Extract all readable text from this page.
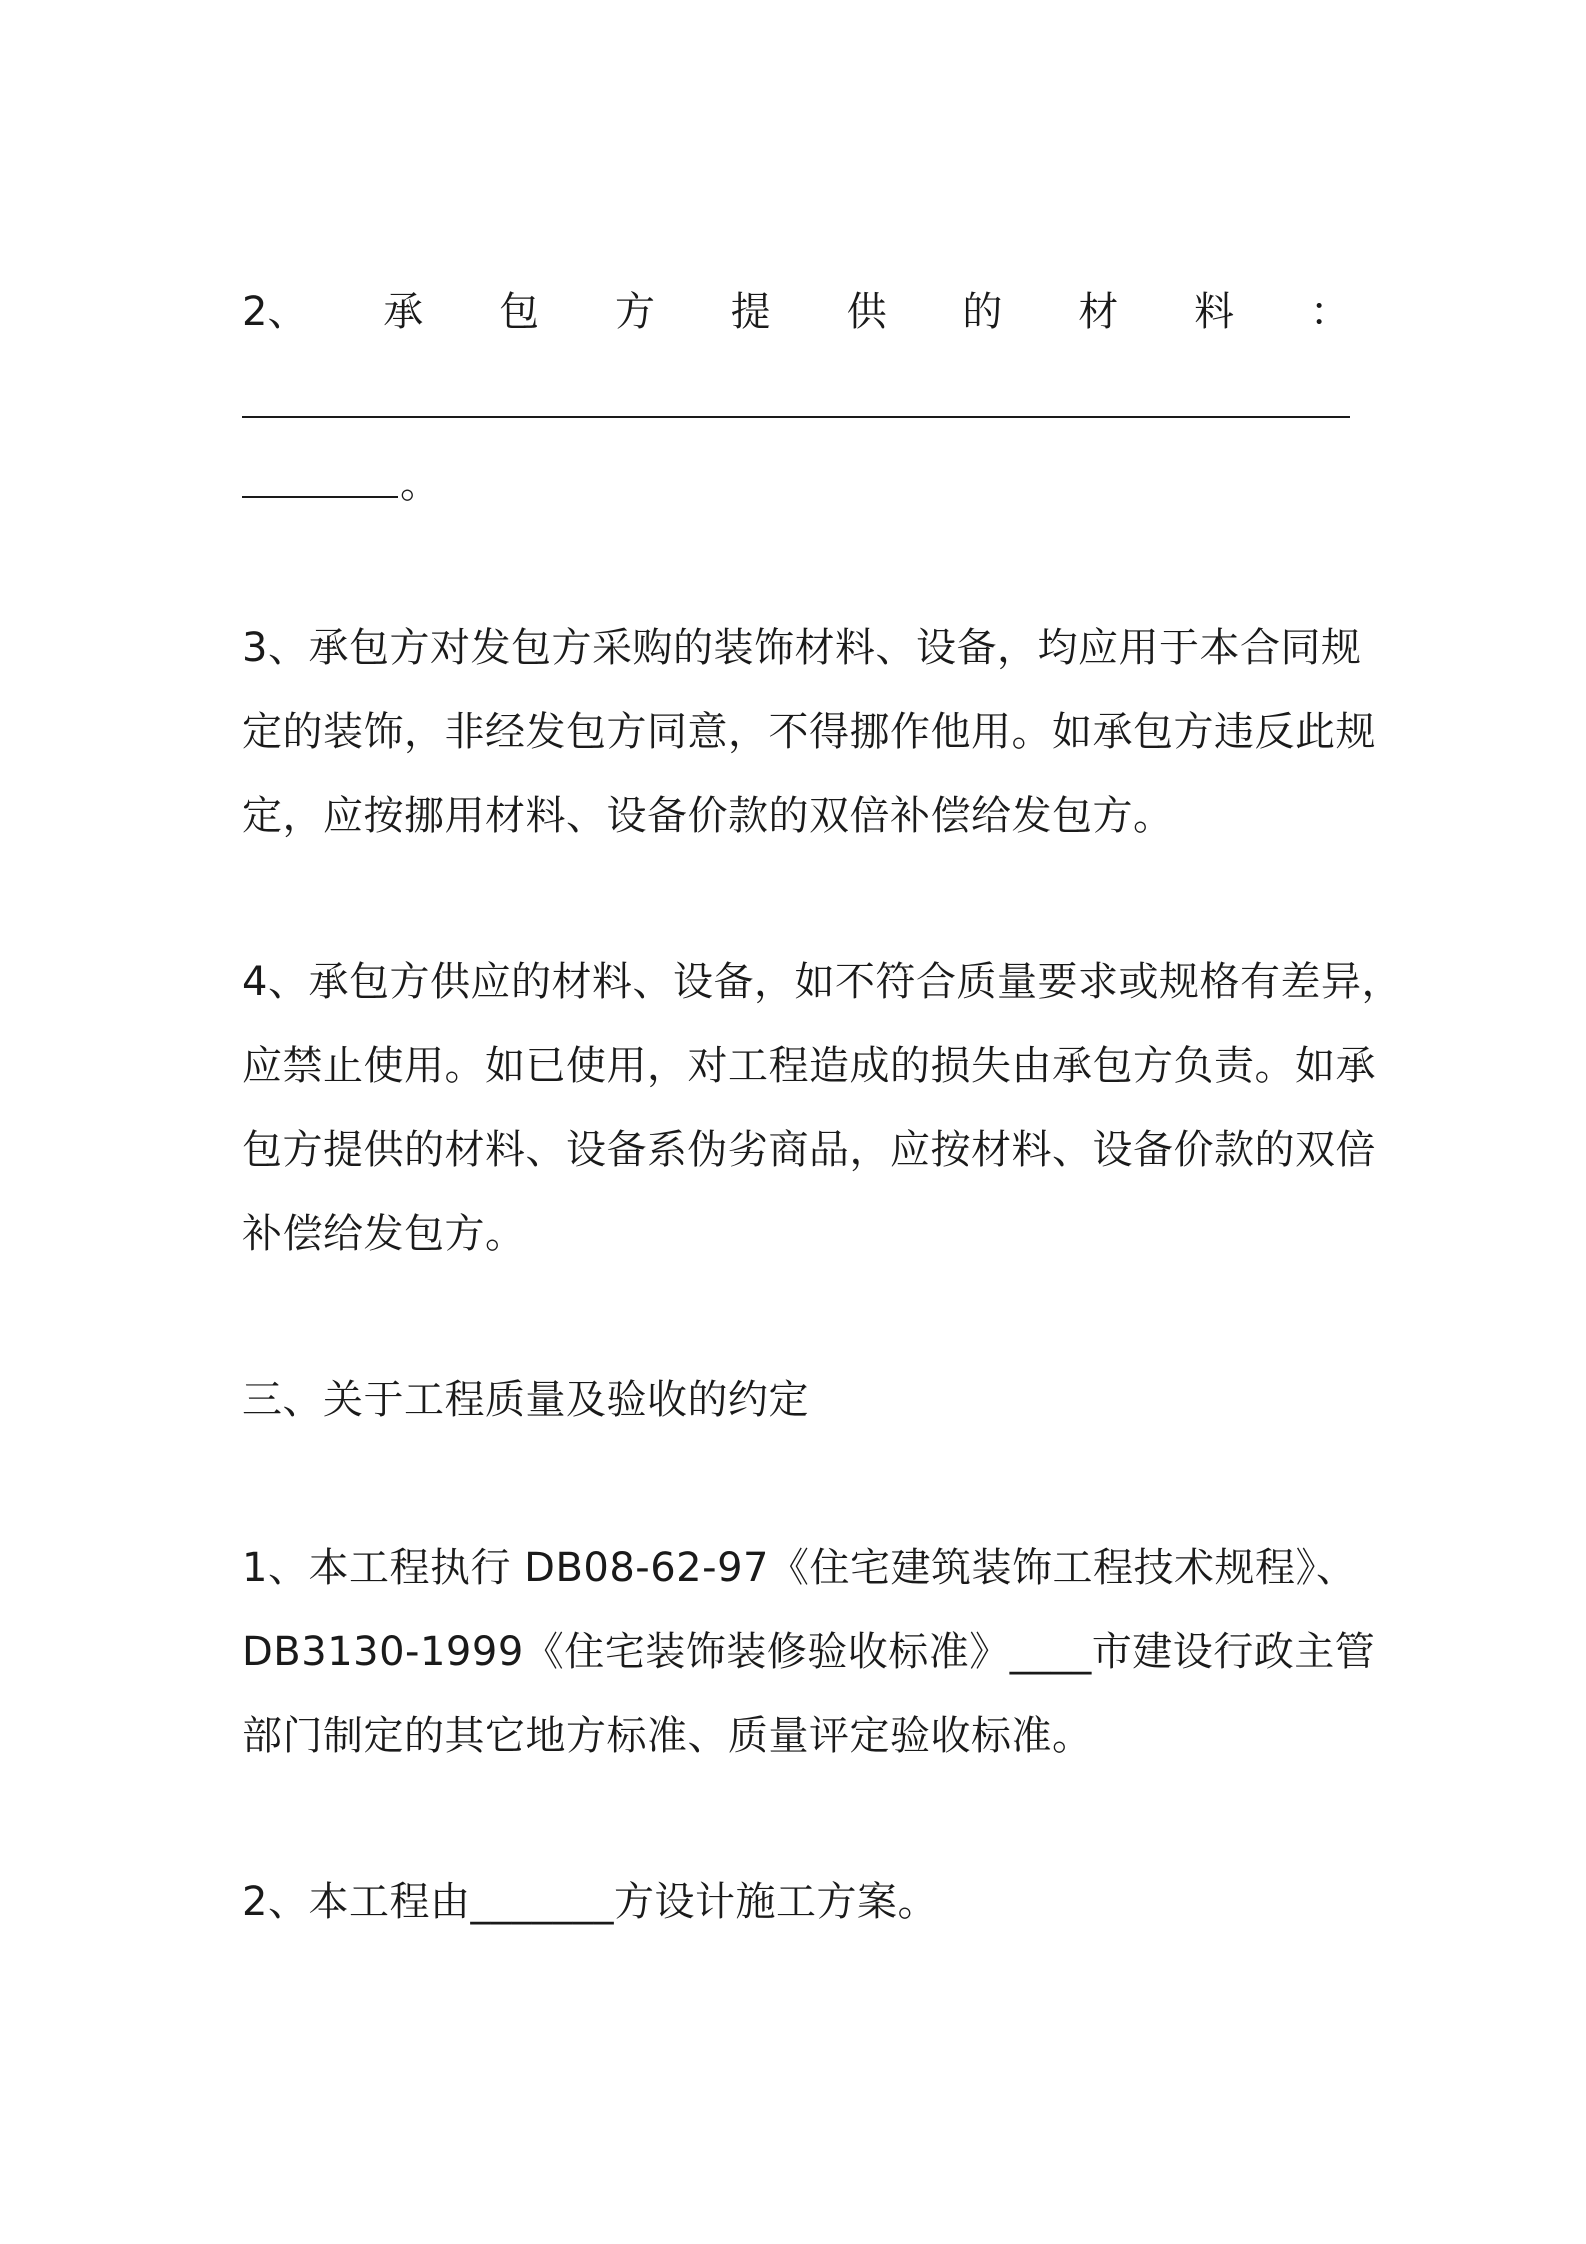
2、 承 包 方 提 供 的 材 料 ：
。
3、承包方对发包方采购的装饰材料、设备，均应用于本合同规
定的装饰，非经发包方同意，不得挪作他用。如承包方违反此规
定，应按挪用材料、设备价款的双倍补偿给发包方。
4、承包方供应的材料、设备，如不符合质量要求或规格有差异，
应禁止使用。如已使用，对工程造成的损失由承包方负责。如承
包方提供的材料、设备系伪劣商品，应按材料、设备价款的双倍
补偿给发包方。
三、关于工程质量及验收的约定
1、本工程执行 DB08-62-97《住宅建筑装饰工程技术规程》、
DB3130-1999《住宅装饰装修验收标准》____市建设行政主管
部门制定的其它地方标准、质量评定验收标准。
2、本工程由_______方设计施工方案。
